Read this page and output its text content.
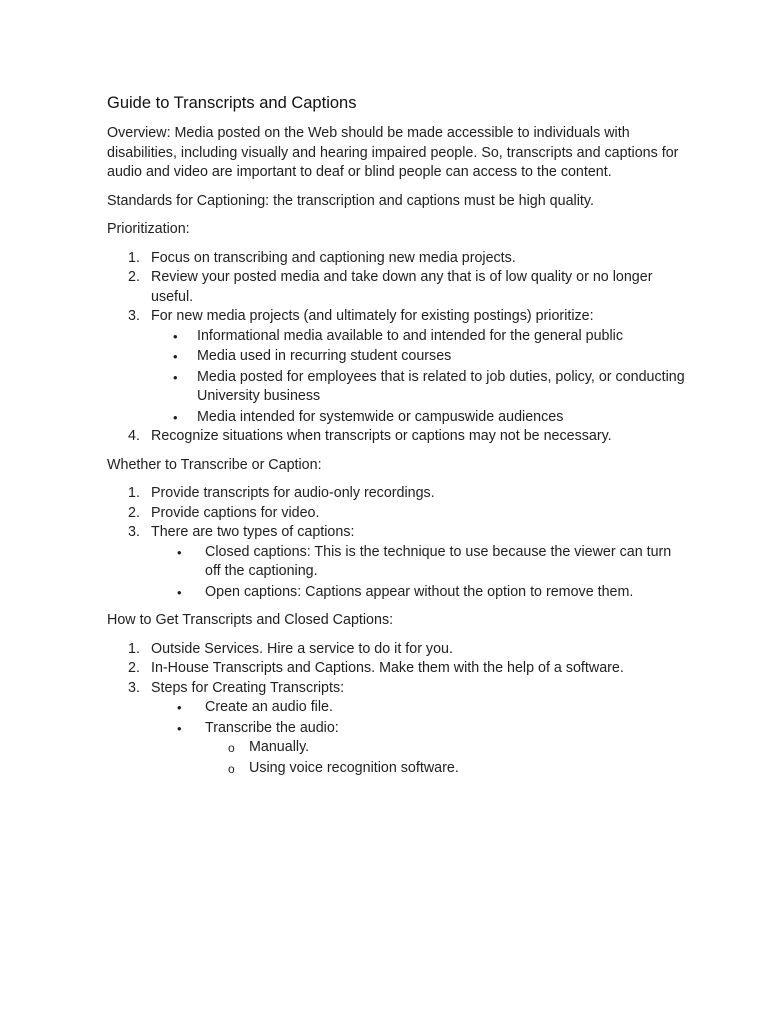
Guide to Transcripts and Captions

Overview: Media posted on the Web should be made accessible to individuals with disabilities, including visually and hearing impaired people. So, transcripts and captions for audio and video are important to deaf or blind people can access to the content.

Standards for Captioning: the transcription and captions must be high quality.

Prioritization:

1. Focus on transcribing and captioning new media projects.
2. Review your posted media and take down any that is of low quality or no longer useful.
3. For new media projects (and ultimately for existing postings) prioritize:
• Informational media available to and intended for the general public
• Media used in recurring student courses
• Media posted for employees that is related to job duties, policy, or conducting University business
• Media intended for systemwide or campuswide audiences
4. Recognize situations when transcripts or captions may not be necessary.

Whether to Transcribe or Caption:

1. Provide transcripts for audio-only recordings.
2. Provide captions for video.
3. There are two types of captions:
• Closed captions: This is the technique to use because the viewer can turn off the captioning.
• Open captions: Captions appear without the option to remove them.

How to Get Transcripts and Closed Captions:

1. Outside Services. Hire a service to do it for you.
2. In-House Transcripts and Captions. Make them with the help of a software.
3. Steps for Creating Transcripts:
• Create an audio file.
• Transcribe the audio:
o Manually.
o Using voice recognition software.
